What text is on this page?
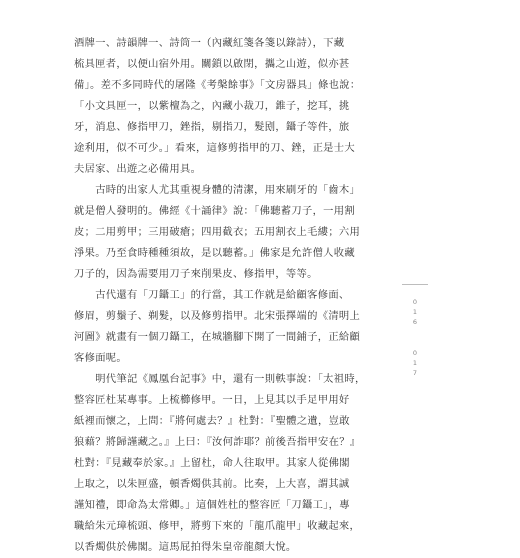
酒牌一、詩韻牌一、詩筒一（內藏紅箋各箋以錄詩），下藏

梳具匣者，以便山宿外用。關鎖以啟閉，攜之山遊，似亦甚

備」。差不多同時代的屠隆《考槃餘事》「文房器具」條也說：

「小文具匣一，以紫檀為之，內藏小裁刀，錐子，挖耳，挑

牙，消息、修指甲刀，銼指，剔指刀，髮刡，鑷子等件，旅

途利用，似不可少。」看來，這修剪指甲的刀、銼，正是士大

夫居家、出遊之必備用具。

　　古時的出家人尤其重視身體的清潔，用來刷牙的「齒木」

就是僧人發明的。佛經《十誦律》說：「佛聽蓄刀子，一用割

皮；二用剪甲；三用破瘡；四用截衣；五用割衣上毛縷；六用

淨果。乃至食時種種須故，是以聽蓄。」佛家是允許僧人收藏

刀子的，因為需要用刀子來削果皮、修指甲，等等。

　　古代還有「刀鑷工」的行當，其工作就是給顧客修面、

修眉，剪鬚子、剃髮，以及修剪指甲。北宋張擇端的《清明上

河圖》就畫有一個刀鑷工，在城牆腳下開了一間鋪子，正給顧

客修面呢。

　　明代筆記《鳳凰台記事》中，還有一則軼事說：「太祖時，

整容匠杜某專事。上梳櫛修甲。一日，上見其以手足甲用好

紙裡而懷之，上問：『將何處去？』杜對：『聖體之遺，豈敢

狼藉？將歸謹藏之。』上曰：『汝何詐耶？前後吾指甲安在？』

杜對：『見藏奉於家。』上留杜，命人往取甲。其家人從佛閣

上取之，以朱匣盛，頓香燭供其前。比奏，上大喜，謂其誠

謹知禮，即命為太常卿。」這個姓杜的整容匠「刀鑷工」，專

職給朱元璋梳頭、修甲，將剪下來的「龍爪龍甲」收藏起來，

以香燭供於佛閣。這馬屁拍得朱皇帝龍顏大悅。

0
1
6
0
1
7
